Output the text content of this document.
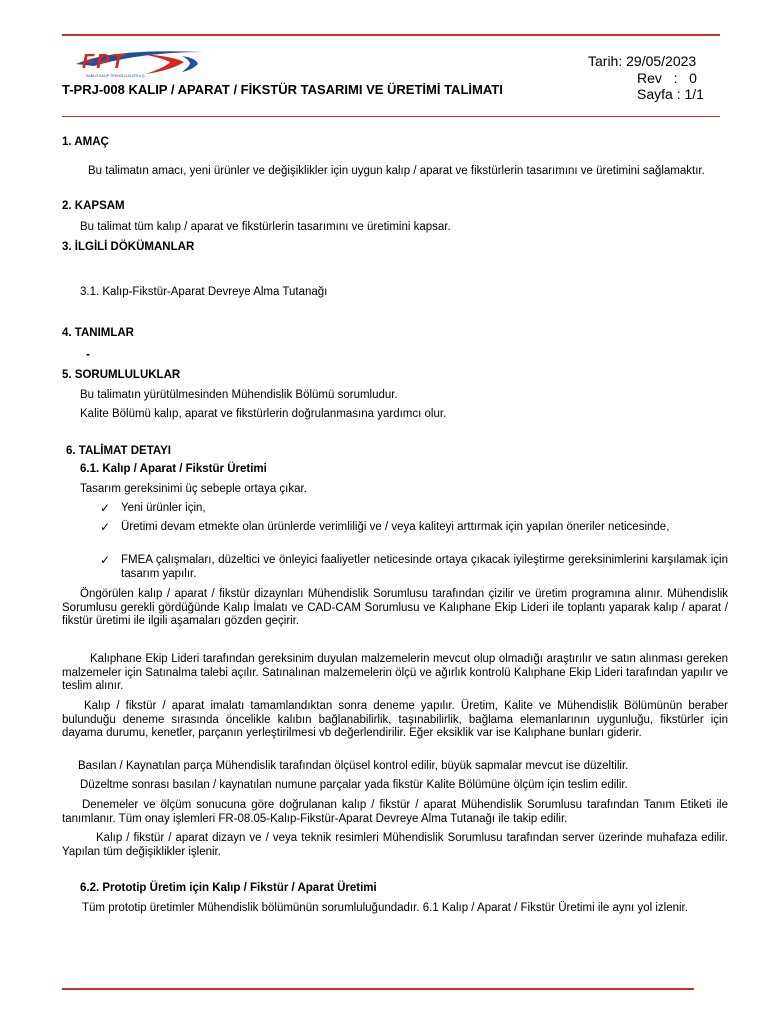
FPT
KABLO KALIP TEKNOLOJİLERİ A.Ş.
T-PRJ-008 KALIP / APARAT / FİKSTÜR TASARIMI VE ÜRETİMİ TALİMATI
Tarih: 29/05/2023
Rev   :   0
Sayfa : 1/1
1. AMAÇ
Bu talimatın amacı, yeni ürünler ve değişiklikler için uygun kalıp / aparat ve fikstürlerin tasarımını ve üretimini sağlamaktır.
2. KAPSAM
Bu talimat tüm kalıp / aparat ve fikstürlerin tasarımını ve üretimini kapsar.
3. İLGİLİ DÖKÜMANLAR
3.1. Kalıp-Fikstür-Aparat Devreye Alma Tutanağı
4. TANIMLAR
-
5. SORUMLULUKLAR
Bu talimatın yürütülmesinden Mühendislik Bölümü sorumludur.
Kalite Bölümü kalıp, aparat ve fikstürlerin doğrulanmasına yardımcı olur.
6. TALİMAT DETAYI
6.1. Kalıp / Aparat / Fikstür Üretimi
Tasarım gereksinimi üç sebeple ortaya çıkar.
✓ Yeni ürünler için,
✓ Üretimi devam etmekte olan ürünlerde verimliliği ve / veya kaliteyi arttırmak için yapılan öneriler neticesinde,
✓ FMEA çalışmaları, düzeltici ve önleyici faaliyetler neticesinde ortaya çıkacak iyileştirme gereksinimlerini karşılamak için tasarım yapılır.
Öngörülen kalıp / aparat / fikstür dizaynları Mühendislik Sorumlusu tarafından çizilir ve üretim programına alınır. Mühendislik Sorumlusu gerekli gördüğünde Kalıp İmalatı ve CAD-CAM Sorumlusu ve Kalıphane Ekip Lideri ile toplantı yaparak kalıp / aparat / fikstür üretimi ile ilgili aşamaları gözden geçirir.
Kalıphane Ekip Lideri tarafından gereksinim duyulan malzemelerin mevcut olup olmadığı araştırılır ve satın alınması gereken malzemeler için Satınalma talebi açılır. Satınalınan malzemelerin ölçü ve ağırlık kontrolü Kalıphane Ekip Lideri tarafından yapılır ve teslim alınır.
Kalıp / fikstür / aparat imalatı tamamlandıktan sonra deneme yapılır. Üretim, Kalite ve Mühendislik Bölümünün beraber bulunduğu deneme sırasında öncelikle kalıbın bağlanabilirlik, taşınabilirlik, bağlama elemanlarının uygunluğu, fikstürler için dayama durumu, kenetler, parçanın yerleştirilmesi vb değerlendirilir. Eğer eksiklik var ise Kalıphane bunları giderir.
Basılan / Kaynatılan parça Mühendislik tarafından ölçüsel kontrol edilir, büyük sapmalar mevcut ise düzeltilir.
Düzeltme sonrası basılan / kaynatılan numune parçalar yada fikstür Kalite Bölümüne ölçüm için teslim edilir.
Denemeler ve ölçüm sonucuna göre doğrulanan kalıp / fikstür / aparat Mühendislik Sorumlusu tarafından Tanım Etiketi ile tanımlanır. Tüm onay işlemleri FR-08.05-Kalıp-Fikstür-Aparat Devreye Alma Tutanağı ile takip edilir.
Kalıp / fikstür / aparat dizayn ve / veya teknik resimleri Mühendislik Sorumlusu tarafından server üzerinde muhafaza edilir. Yapılan tüm değişiklikler işlenir.
6.2. Prototip Üretim için Kalıp / Fikstür / Aparat Üretimi
Tüm prototip üretimler Mühendislik bölümünün sorumluluğundadır. 6.1 Kalıp / Aparat / Fikstür Üretimi ile aynı yol izlenir.
